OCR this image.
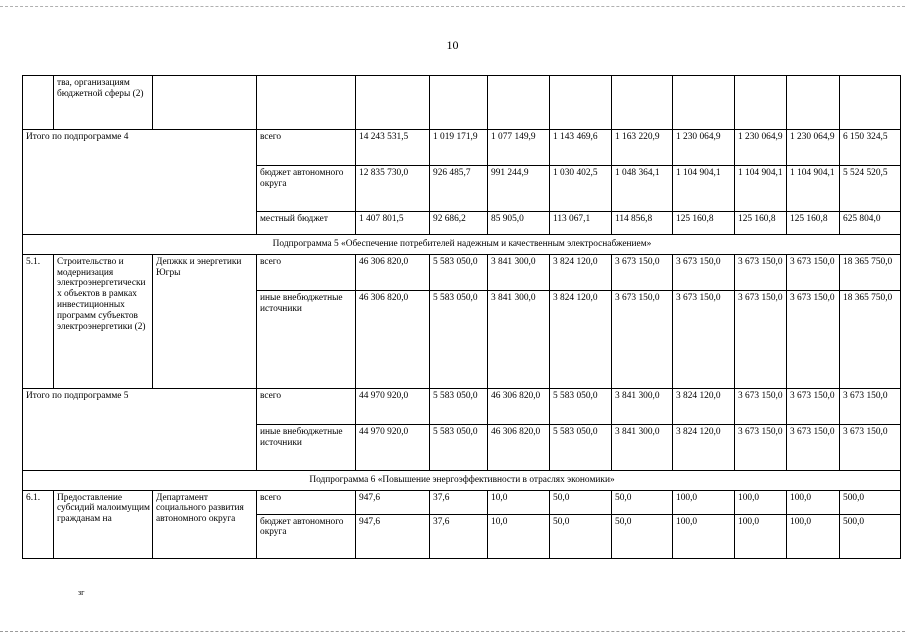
10
	тва, организациям бюджетной сферы (2)											
Итого по подпрограмме 4			всего	14 243 531,5	1 019 171,9	1 077 149,9	1 143 469,6	1 163 220,9	1 230 064,9	1 230 064,9	1 230 064,9	6 150 324,5
			бюджет автономного округа	12 835 730,0	926 485,7	991 244,9	1 030 402,5	1 048 364,1	1 104 904,1	1 104 904,1	1 104 904,1	5 524 520,5
			местный бюджет	1 407 801,5	92 686,2	85 905,0	113 067,1	114 856,8	125 160,8	125 160,8	125 160,8	625 804,0
Подпрограмма 5 «Обеспечение потребителей надежным и качественным электроснабжением»												
5.1.	Строительство и модернизация электроэнергетических объектов в рамках инвестиционных программ субъектов электроэнергетики (2)	Депжкк и энергетики Югры	всего	46 306 820,0	5 583 050,0	3 841 300,0	3 824 120,0	3 673 150,0	3 673 150,0	3 673 150,0	3 673 150,0	18 365 750,0
			иные внебюджетные источники	46 306 820,0	5 583 050,0	3 841 300,0	3 824 120,0	3 673 150,0	3 673 150,0	3 673 150,0	3 673 150,0	18 365 750,0
Итого по подпрограмме 5			всего	44 970 920,0	5 583 050,0	46 306 820,0	5 583 050,0	3 841 300,0	3 824 120,0	3 673 150,0	3 673 150,0	3 673 150,0
			иные внебюджетные источники	44 970 920,0	5 583 050,0	46 306 820,0	5 583 050,0	3 841 300,0	3 824 120,0	3 673 150,0	3 673 150,0	3 673 150,0
Подпрограмма 6 «Повышение энергоэффективности в отраслях экономики»												
6.1.	Предоставление субсидий малоимущим гражданам на	Департамент социального развития автономного округа	всего	947,6	37,6	10,0	50,0	50,0	100,0	100,0	100,0	500,0
			бюджет автономного округа	947,6	37,6	10,0	50,0	50,0	100,0	100,0	100,0	500,0
зг
